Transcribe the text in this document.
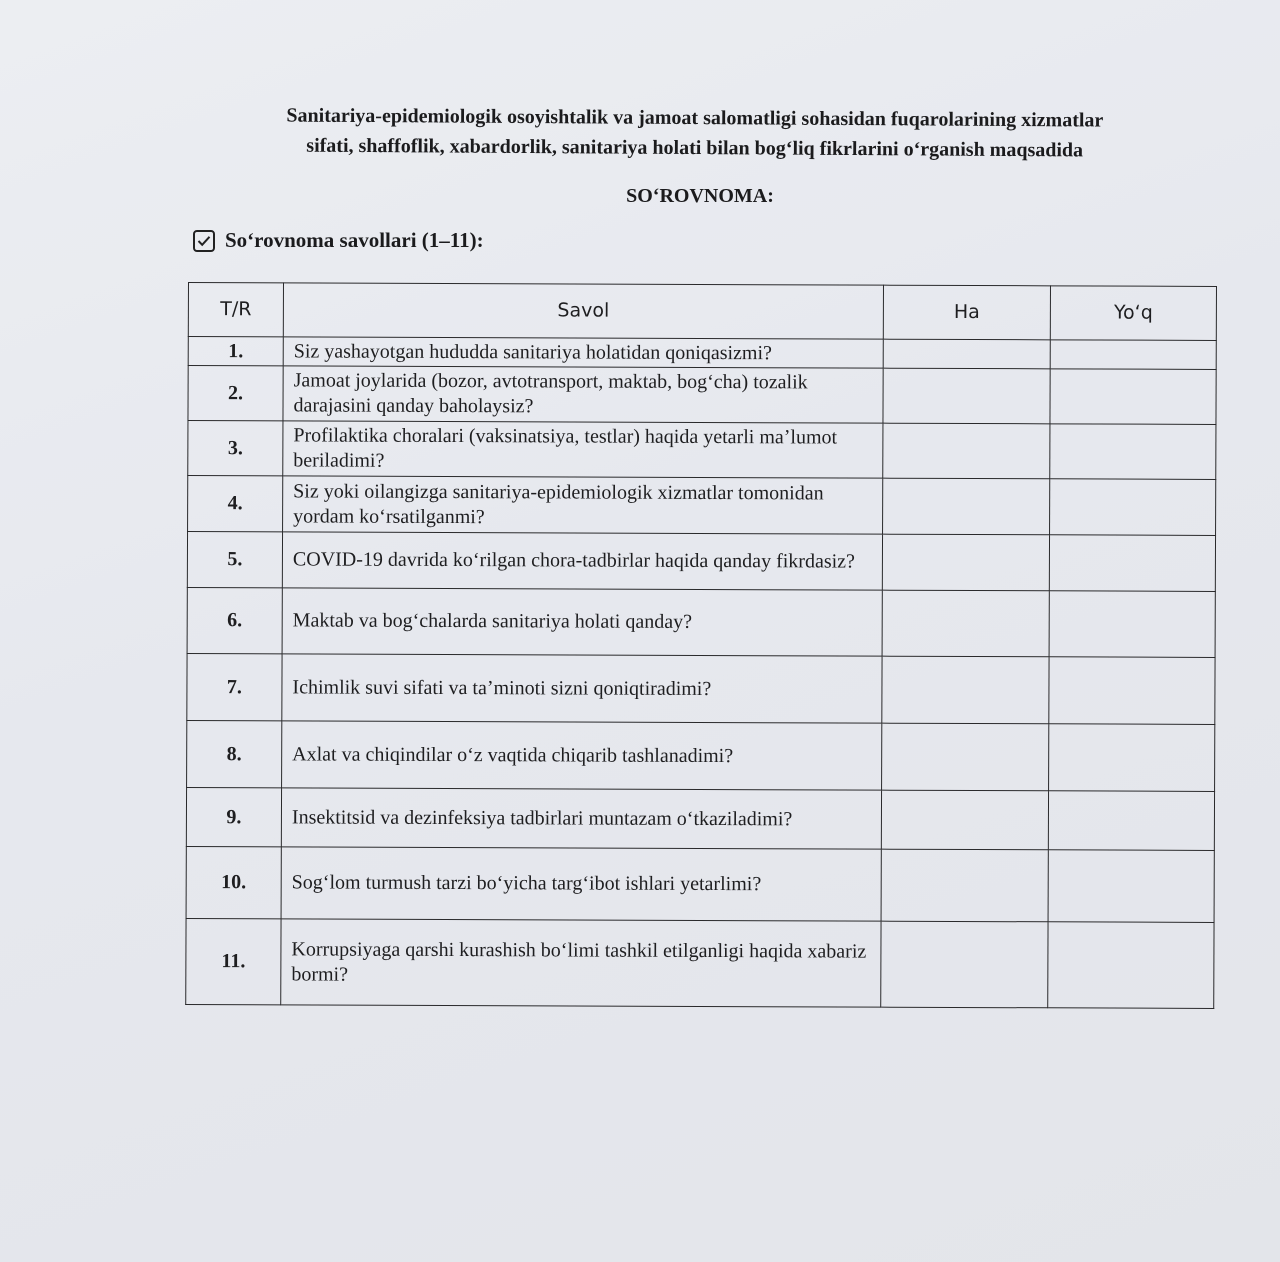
Sanitariya-epidemiologik osoyishtalik va jamoat salomatligi sohasidan fuqarolarining xizmatlar
sifati, shaffoflik, xabardorlik, sanitariya holati bilan bog‘liq fikrlarini o‘rganish maqsadida
SO‘ROVNOMA:
So‘rovnoma savollari (1–11):
T/R	Savol	Ha	Yo‘q
1.	Siz yashayotgan hududda sanitariya holatidan qoniqasizmi?		
2.	Jamoat joylarida (bozor, avtotransport, maktab, bog‘cha) tozalik darajasini qanday baholaysiz?		
3.	Profilaktika choralari (vaksinatsiya, testlar) haqida yetarli ma’lumot beriladimi?		
4.	Siz yoki oilangizga sanitariya-epidemiologik xizmatlar tomonidan yordam ko‘rsatilganmi?		
5.	COVID-19 davrida ko‘rilgan chora-tadbirlar haqida qanday fikrdasiz?		
6.	Maktab va bog‘chalarda sanitariya holati qanday?		
7.	Ichimlik suvi sifati va ta’minoti sizni qoniqtiradimi?		
8.	Axlat va chiqindilar o‘z vaqtida chiqarib tashlanadimi?		
9.	Insektitsid va dezinfeksiya tadbirlari muntazam o‘tkaziladimi?		
10.	Sog‘lom turmush tarzi bo‘yicha targ‘ibot ishlari yetarlimi?		
11.	Korrupsiyaga qarshi kurashish bo‘limi tashkil etilganligi haqida xabariz bormi?		
